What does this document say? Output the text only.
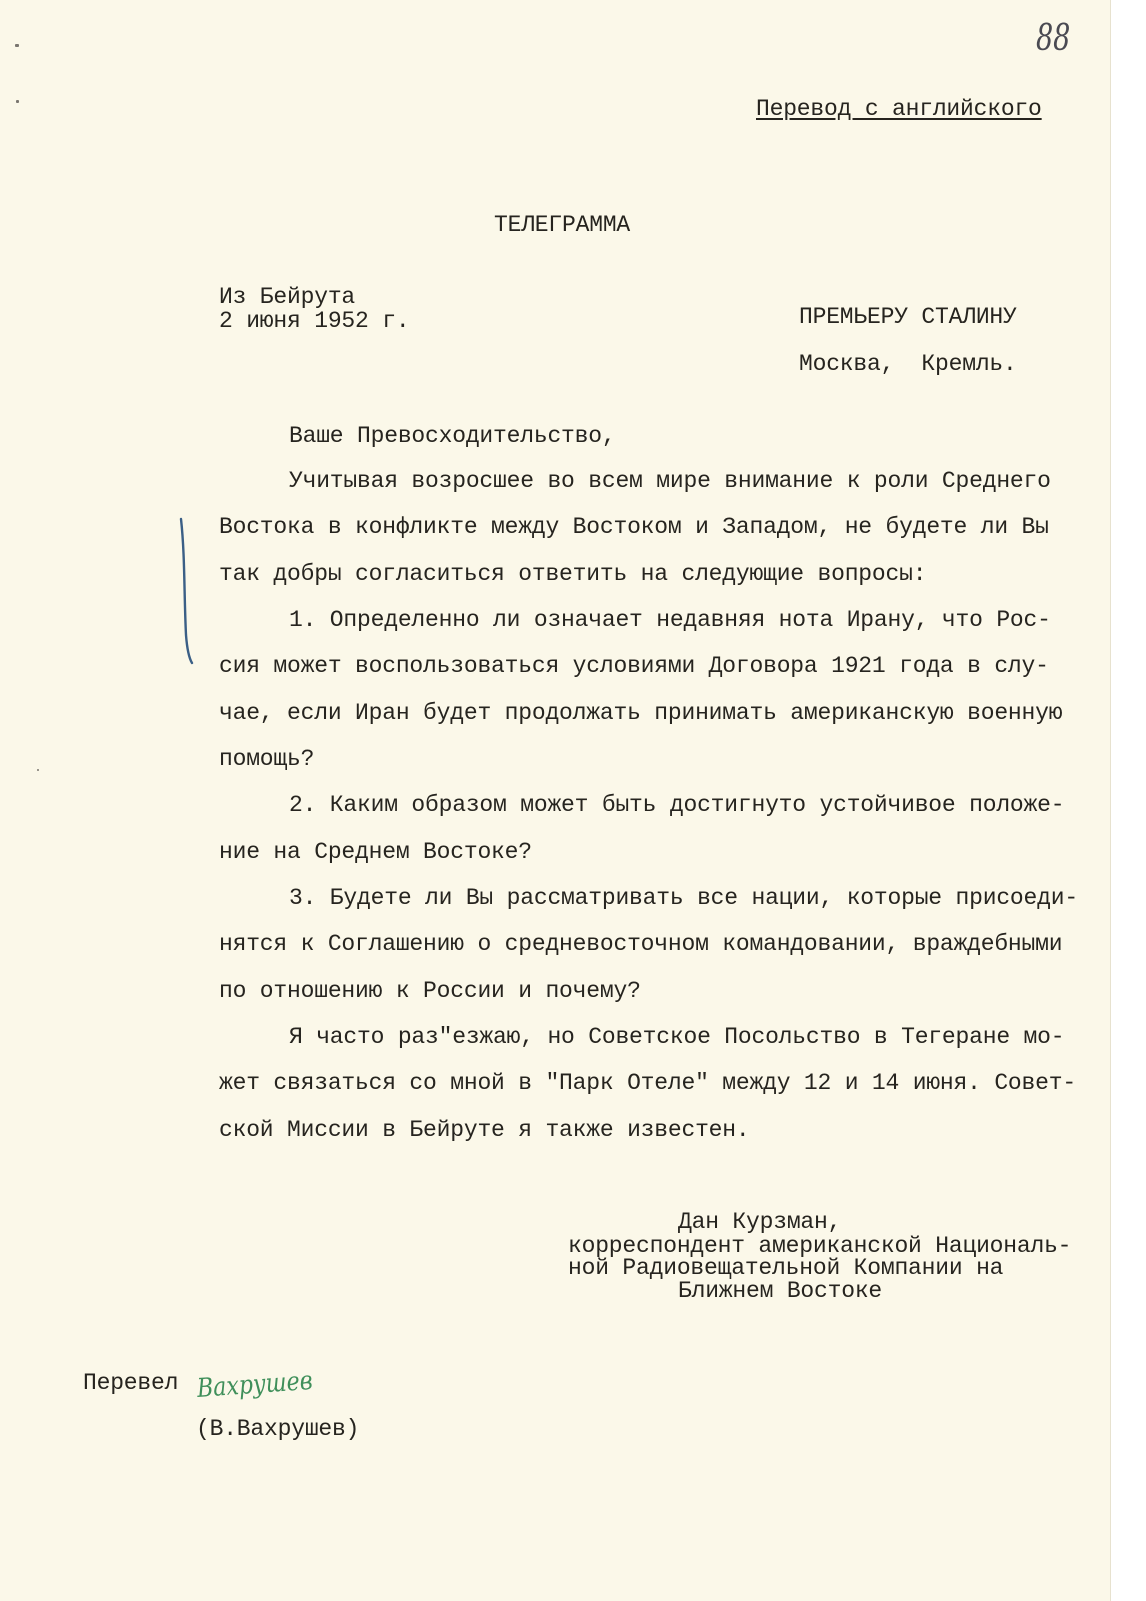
88
Перевод с английского
ТЕЛЕГРАММА
Из Бейрута
2 июня 1952 г.	ПРЕМЬЕРУ СТАЛИНУ
Москва,  Кремль.
Ваше Превосходительство,
Учитывая возросшее во всем мире внимание к роли Среднего
Востока в конфликте между Востоком и Западом, не будете ли Вы
так добры согласиться ответить на следующие вопросы:
1. Определенно ли означает недавняя нота Ирану, что Рос-
сия может воспользоваться условиями Договора 1921 года в слу-
чае, если Иран будет продолжать принимать американскую военную
помощь?
2. Каким образом может быть достигнуто устойчивое положе-
ние на Среднем Востоке?
3. Будете ли Вы рассматривать все нации, которые присоеди-
нятся к Соглашению о средневосточном командовании, враждебными
по отношению к России и почему?
Я часто раз"езжаю, но Советское Посольство в Тегеране мо-
жет связаться со мной в "Парк Отеле" между 12 и 14 июня. Совет-
ской Миссии в Бейруте я также известен.
Дан Курзман,
корреспондент американской Националь-
ной Радиовещательной Компании на
Ближнем Востоке
Перевел Вахрушев
(В.Вахрушев)
